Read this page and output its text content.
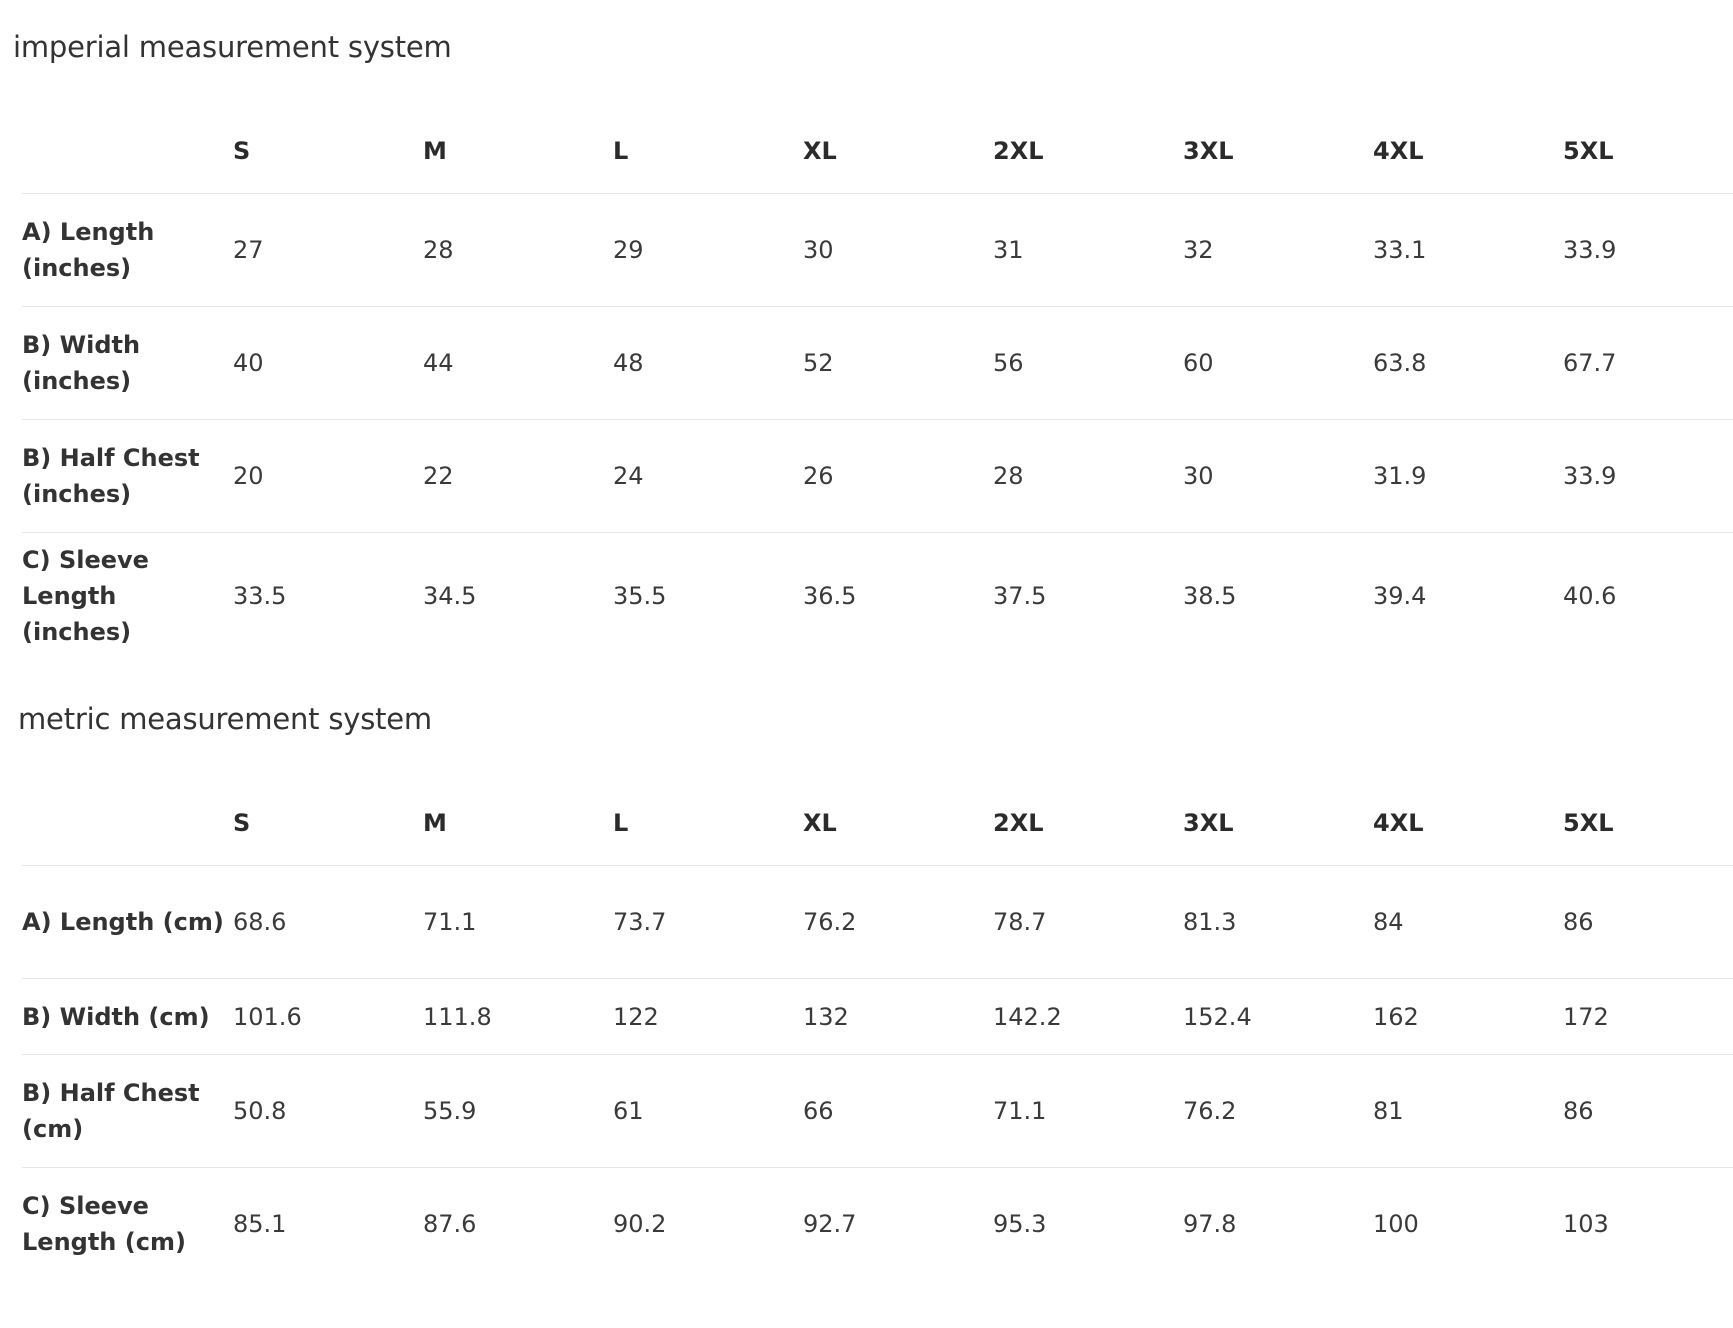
imperial measurement system
	S	M	L	XL	2XL	3XL	4XL	5XL
A) Length (inches)	27	28	29	30	31	32	33.1	33.9
B) Width (inches)	40	44	48	52	56	60	63.8	67.7
B) Half Chest (inches)	20	22	24	26	28	30	31.9	33.9
C) Sleeve Length (inches)	33.5	34.5	35.5	36.5	37.5	38.5	39.4	40.6
metric measurement system
	S	M	L	XL	2XL	3XL	4XL	5XL
A) Length (cm)	68.6	71.1	73.7	76.2	78.7	81.3	84	86
B) Width (cm)	101.6	111.8	122	132	142.2	152.4	162	172
B) Half Chest (cm)	50.8	55.9	61	66	71.1	76.2	81	86
C) Sleeve Length (cm)	85.1	87.6	90.2	92.7	95.3	97.8	100	103
